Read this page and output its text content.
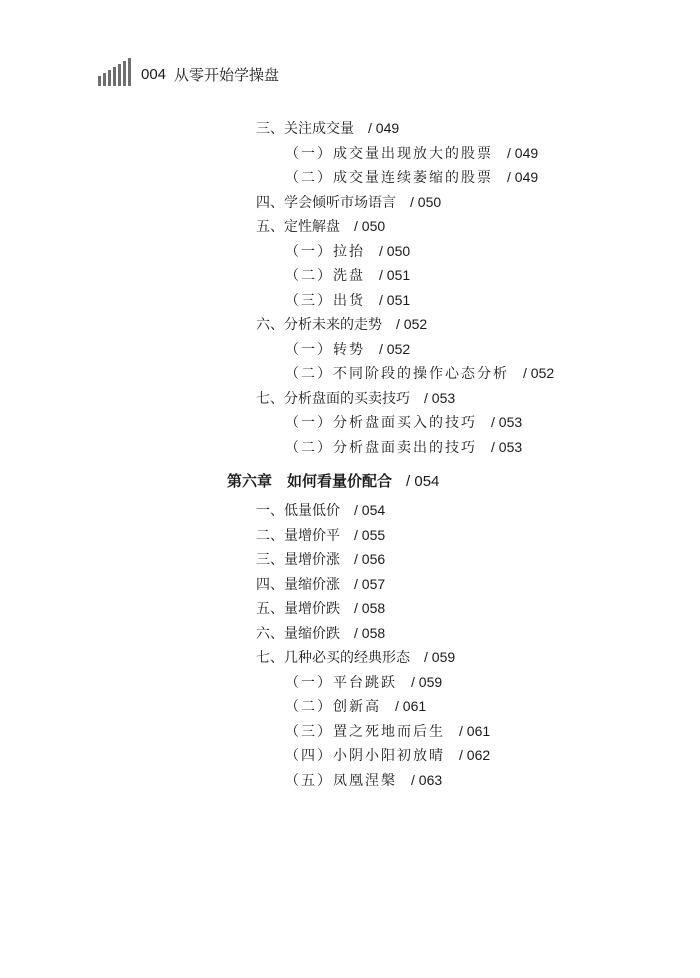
004 从零开始学操盘
三、关注成交量 / 049
（一）成交量出现放大的股票 / 049
（二）成交量连续萎缩的股票 / 049
四、学会倾听市场语言 / 050
五、定性解盘 / 050
（一）拉抬 / 050
（二）洗盘 / 051
（三）出货 / 051
六、分析未来的走势 / 052
（一）转势 / 052
（二）不同阶段的操作心态分析 / 052
七、分析盘面的买卖技巧 / 053
（一）分析盘面买入的技巧 / 053
（二）分析盘面卖出的技巧 / 053
第六章　如何看量价配合 / 054
一、低量低价 / 054
二、量增价平 / 055
三、量增价涨 / 056
四、量缩价涨 / 057
五、量增价跌 / 058
六、量缩价跌 / 058
七、几种必买的经典形态 / 059
（一）平台跳跃 / 059
（二）创新高 / 061
（三）置之死地而后生 / 061
（四）小阴小阳初放晴 / 062
（五）凤凰涅槃 / 063
